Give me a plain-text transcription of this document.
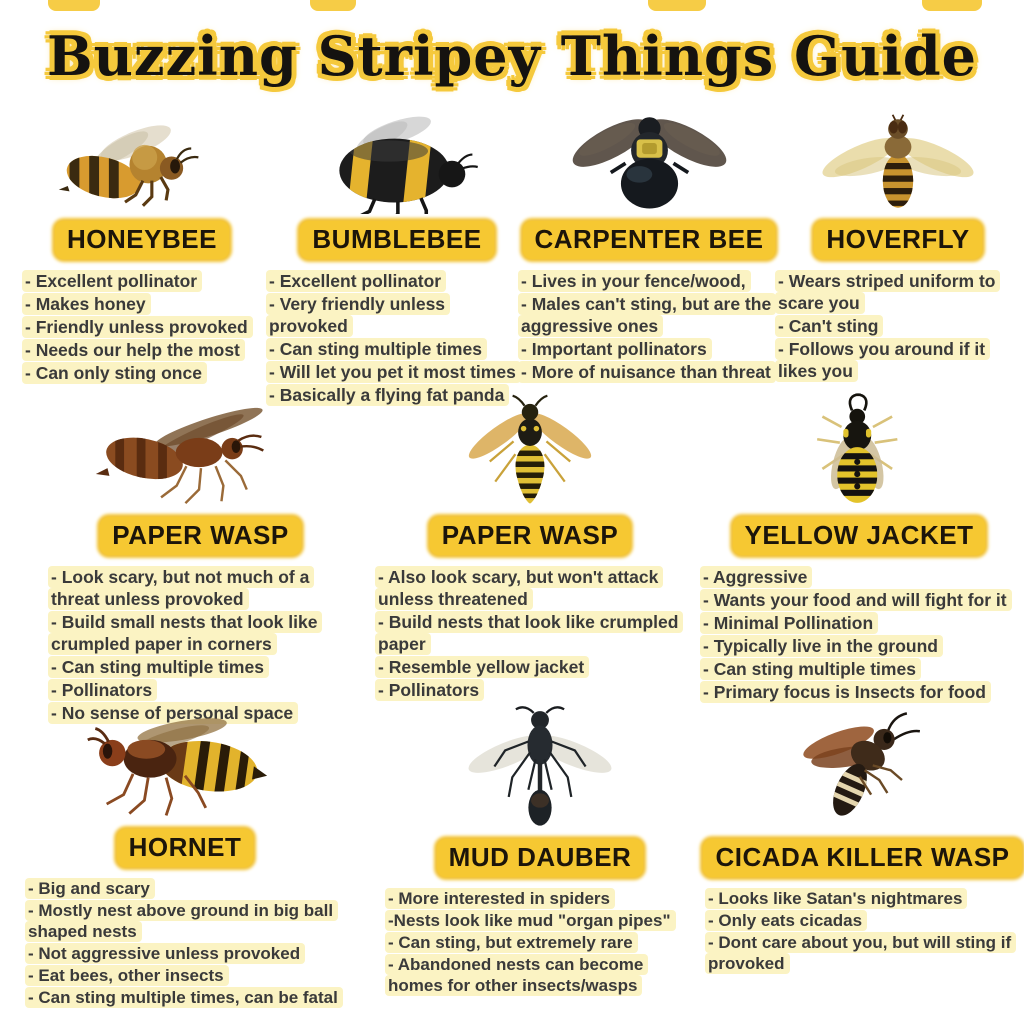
Buzzing Stripey Things Guide
HONEYBEE
- Excellent pollinator
- Makes honey
- Friendly unless provoked
- Needs our help the most
- Can only sting once
BUMBLEBEE
- Excellent pollinator
- Very friendly unless provoked
- Can sting multiple times
- Will let you pet it most times
- Basically a flying fat panda
CARPENTER BEE
- Lives in your fence/wood,
- Males can't sting, but are the aggressive ones
- Important pollinators
- More of nuisance than threat
HOVERFLY
- Wears striped uniform to scare you
- Can't sting
- Follows you around if it likes you
PAPER WASP
- Look scary, but not much of a threat unless provoked
- Build small nests that look like crumpled paper in corners
- Can sting multiple times
- Pollinators
- No sense of personal space
PAPER WASP
- Also look scary, but won't attack unless threatened
- Build nests that look like crumpled paper
- Resemble yellow jacket
- Pollinators
YELLOW JACKET
- Aggressive
- Wants your food and will fight for it
- Minimal Pollination
- Typically live in the ground
- Can sting multiple times
- Primary focus is Insects for food
HORNET
- Big and scary
- Mostly nest above ground in big ball shaped nests
- Not aggressive unless provoked
- Eat bees, other insects
- Can sting multiple times, can be fatal
MUD DAUBER
- More interested in spiders
-Nests look like mud "organ pipes"
- Can sting, but extremely rare
- Abandoned nests can become homes for other insects/wasps
CICADA KILLER WASP
- Looks like Satan's nightmares
- Only eats cicadas
- Dont care about you, but will sting if provoked
